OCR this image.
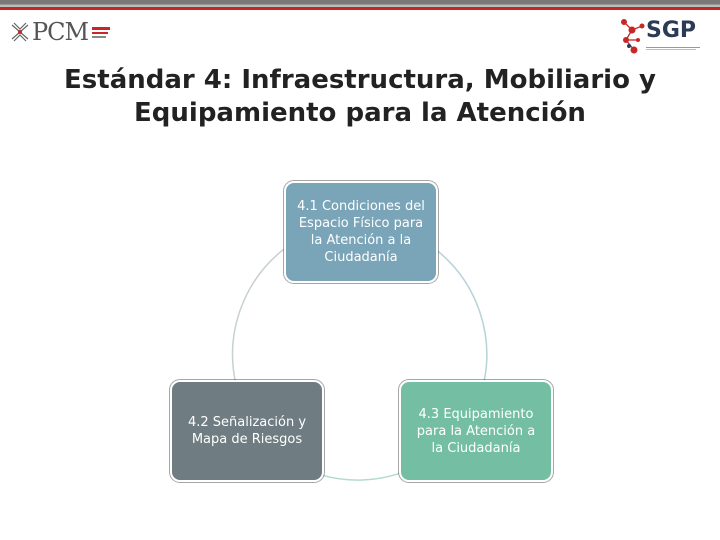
PCM	SGP
Estándar 4: Infraestructura, Mobiliario y
Equipamiento para la Atención
4.1 Condiciones del
Espacio Físico para
la Atención a la
Ciudadanía
4.3 Equipamiento
para la Atención a
la Ciudadanía
4.2 Señalización y
Mapa de Riesgos
